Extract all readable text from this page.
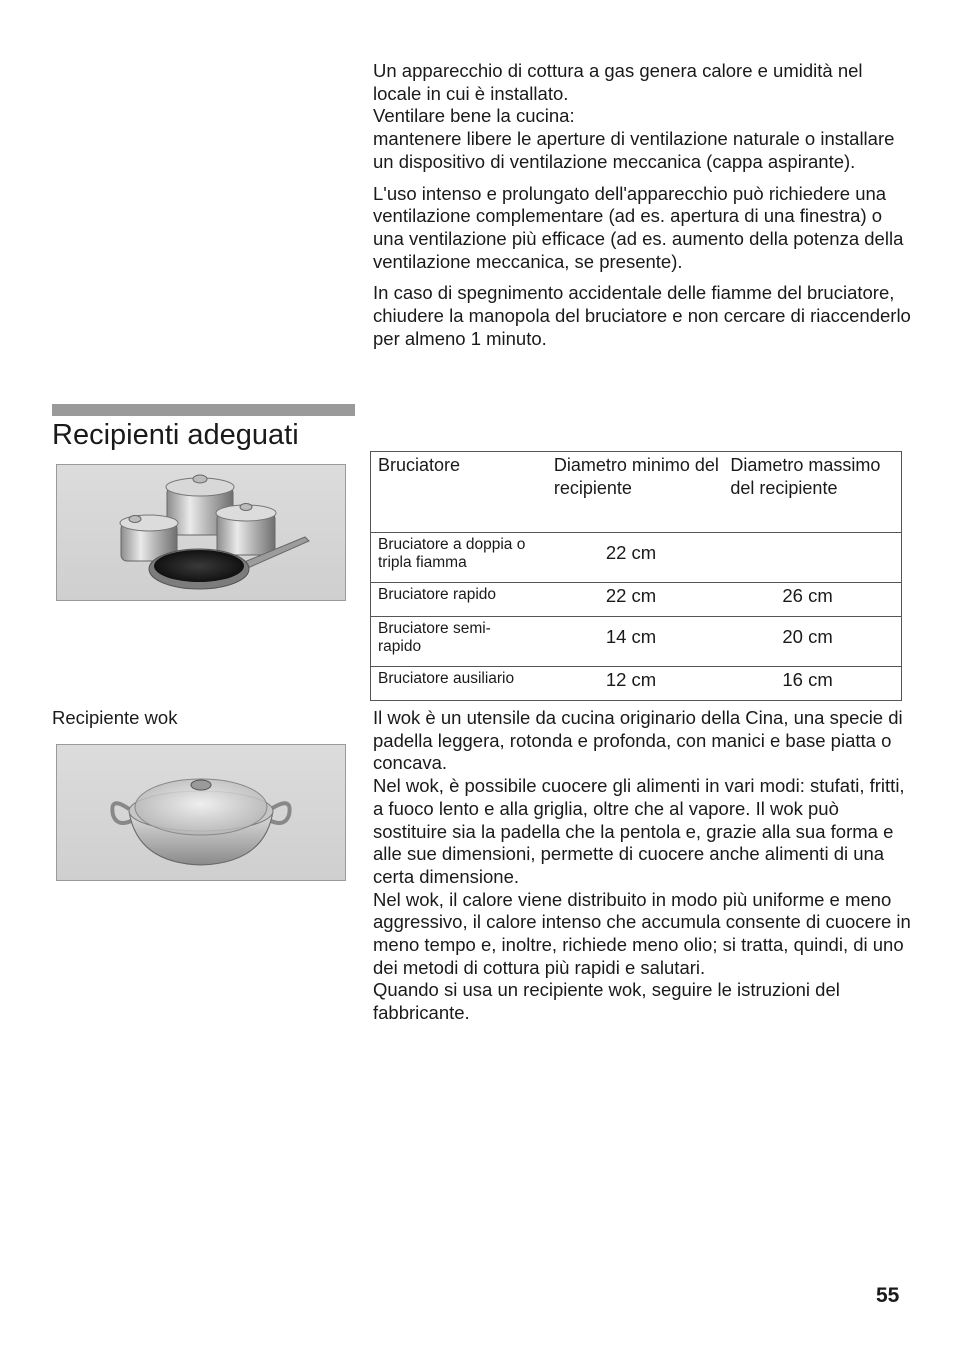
Un apparecchio di cottura a gas genera calore e umidità nel locale in cui è installato.
Ventilare bene la cucina:
mantenere libere le aperture di ventilazione naturale o installare un dispositivo di ventilazione meccanica (cappa aspirante).

L'uso intenso e prolungato dell'apparecchio può richiedere una ventilazione complementare (ad es. apertura di una finestra) o una ventilazione più efficace (ad es. aumento della potenza della ventilazione meccanica, se presente).

In caso di spegnimento accidentale delle fiamme del bruciatore, chiudere la manopola del bruciatore e non cercare di riaccenderlo per almeno 1 minuto.

Recipienti adeguati
Bruciatore	Diametro minimo del recipiente	Diametro massimo del recipiente

Bruciatore a doppia o tripla fiamma	22 cm	

Bruciatore rapido	22 cm	26 cm

Bruciatore semi-rapido	14 cm	20 cm

Bruciatore ausiliario	12 cm	16 cm
Recipiente wok	Il wok è un utensile da cucina originario della Cina, una specie di padella leggera, rotonda e profonda, con manici e base piatta o concava.
Nel wok, è possibile cuocere gli alimenti in vari modi: stufati, fritti, a fuoco lento e alla griglia, oltre che al vapore. Il wok può sostituire sia la padella che la pentola e, grazie alla sua forma e alle sue dimensioni, permette di cuocere anche alimenti di una certa dimensione.
Nel wok, il calore viene distribuito in modo più uniforme e meno aggressivo, il calore intenso che accumula consente di cuocere in meno tempo e, inoltre, richiede meno olio; si tratta, quindi, di uno dei metodi di cottura più rapidi e salutari.
Quando si usa un recipiente wok, seguire le istruzioni del fabbricante.
55
